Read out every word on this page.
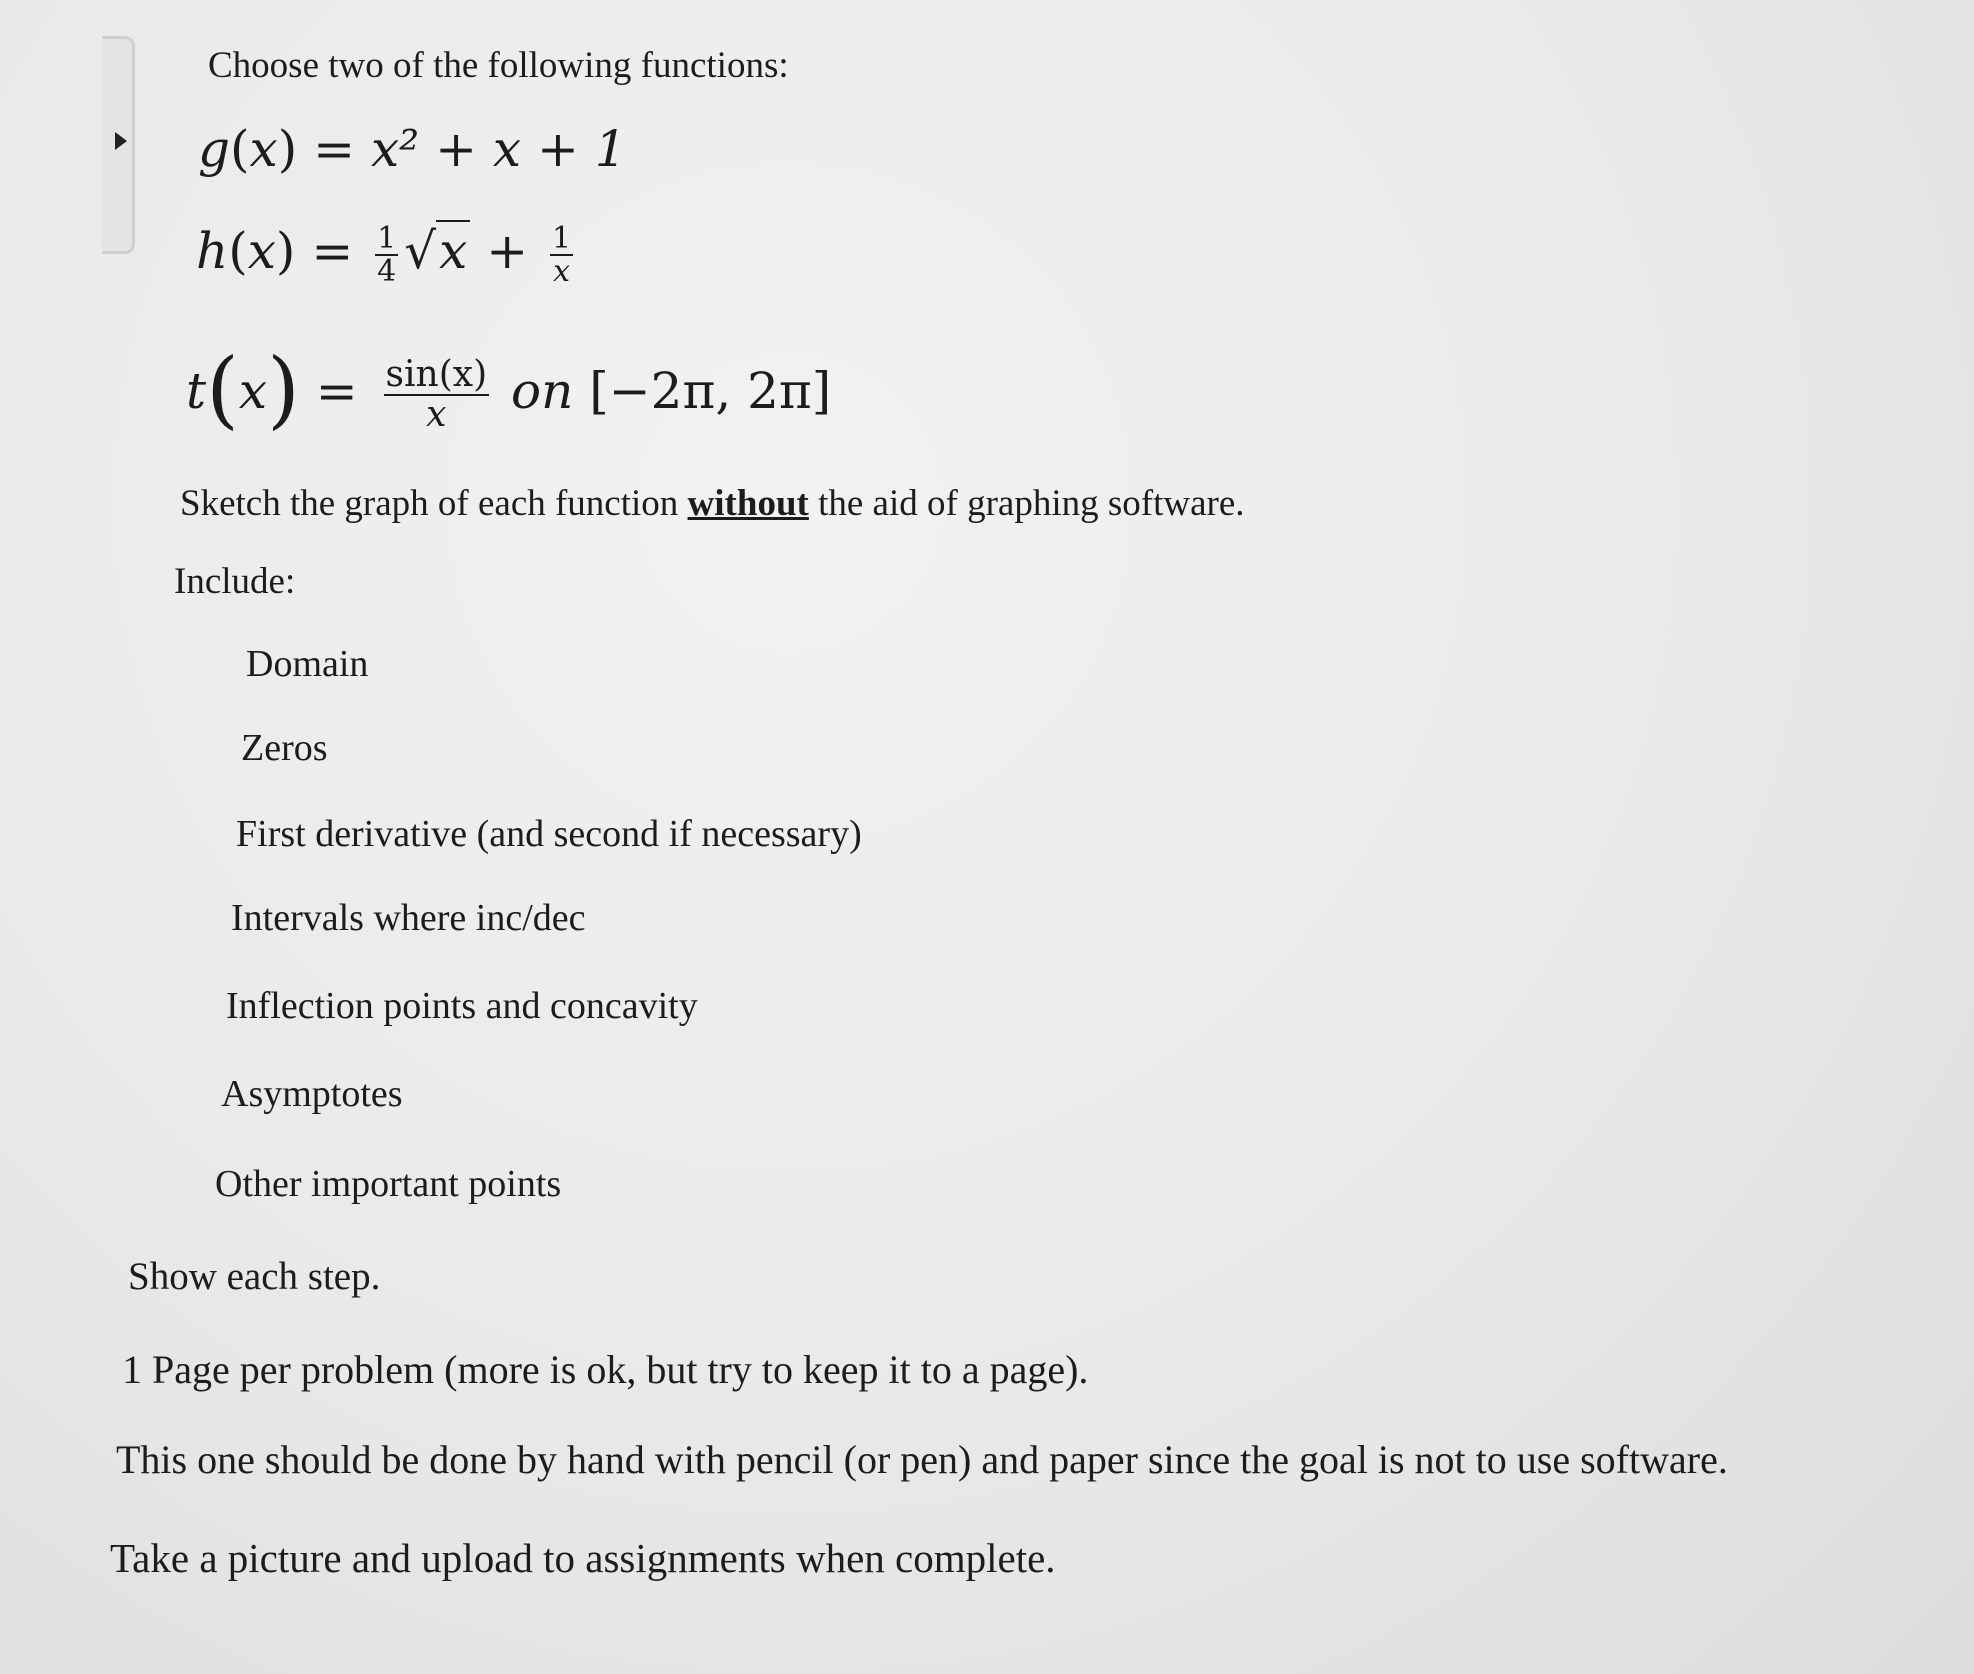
Choose two of the following functions:
g(x) = x² + x + 1
$h(x) = \frac{1}{4} √x + \frac{1}{x}$
$t(x) = \frac{\sin(x)}{x}$ on [−2π, 2π]
Sketch the graph of each function without the aid of graphing software.
Include:
Domain
Zeros
First derivative (and second if necessary)
Intervals where inc/dec
Inflection points and concavity
Asymptotes
Other important points
Show each step.
1 Page per problem (more is ok, but try to keep it to a page).
This one should be done by hand with pencil (or pen) and paper since the goal is not to use software.
Take a picture and upload to assignments when complete.
